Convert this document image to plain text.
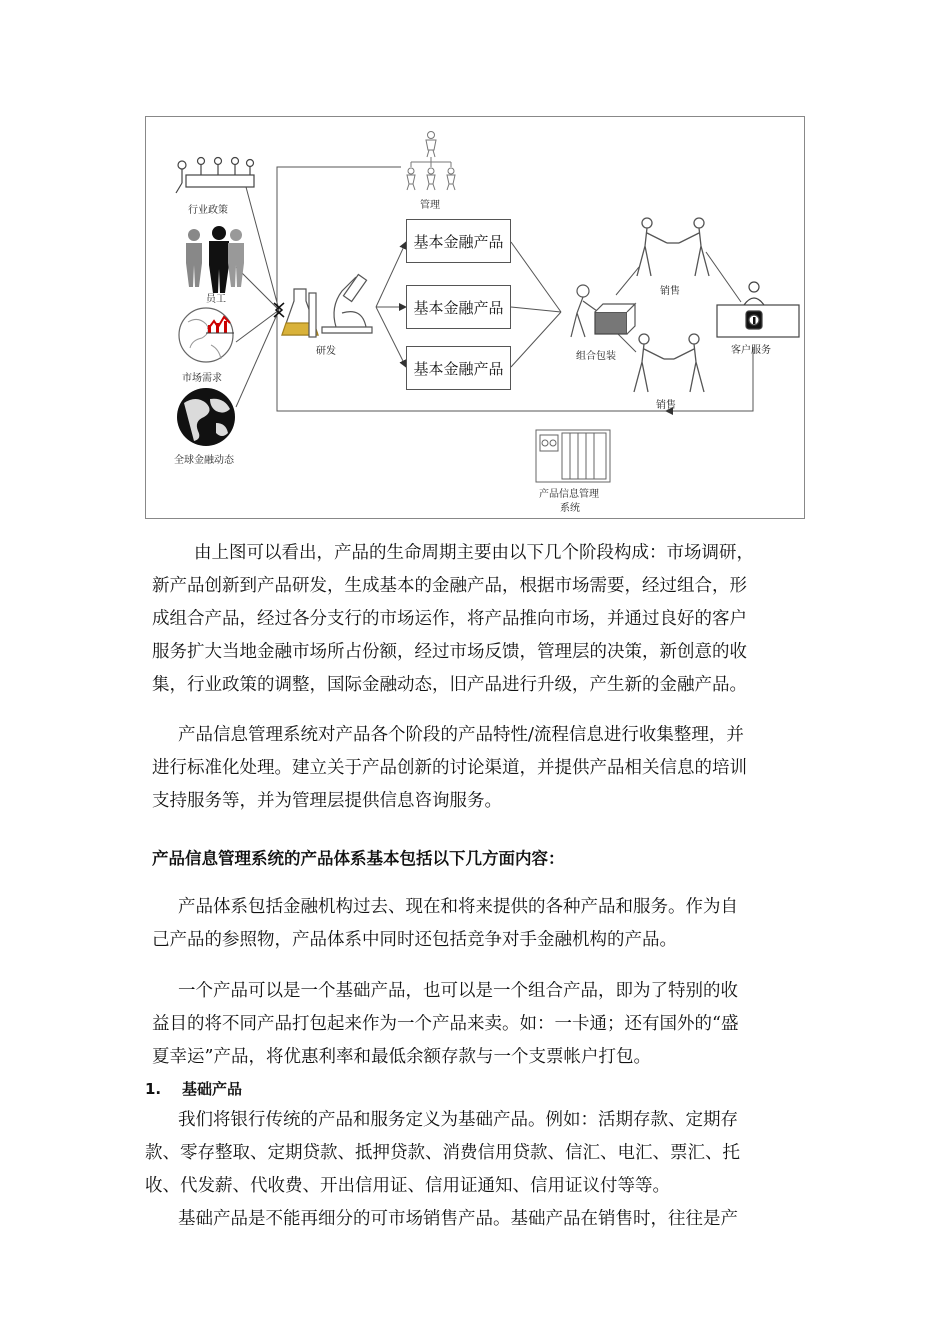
行业政策
员工
市场需求
全球金融动态
管理
研发
基本金融产品
基本金融产品
基本金融产品
组合包装
销售
销售
客户服务
产品信息管理
系统
由上图可以看出，产品的生命周期主要由以下几个阶段构成：市场调研，
新产品创新到产品研发，生成基本的金融产品，根据市场需要，经过组合，形
成组合产品，经过各分支行的市场运作，将产品推向市场，并通过良好的客户
服务扩大当地金融市场所占份额，经过市场反馈，管理层的决策，新创意的收
集，行业政策的调整，国际金融动态，旧产品进行升级，产生新的金融产品。
产品信息管理系统对产品各个阶段的产品特性/流程信息进行收集整理，并
进行标准化处理。建立关于产品创新的讨论渠道，并提供产品相关信息的培训
支持服务等，并为管理层提供信息咨询服务。

产品信息管理系统的产品体系基本包括以下几方面内容：

产品体系包括金融机构过去、现在和将来提供的各种产品和服务。作为自
己产品的参照物，产品体系中同时还包括竞争对手金融机构的产品。
一个产品可以是一个基础产品，也可以是一个组合产品，即为了特别的收
益目的将不同产品打包起来作为一个产品来卖。如：一卡通；还有国外的“盛
夏幸运”产品，将优惠利率和最低余额存款与一个支票帐户打包。

1. 基础产品

我们将银行传统的产品和服务定义为基础产品。例如：活期存款、定期存
款、零存整取、定期贷款、抵押贷款、消费信用贷款、信汇、电汇、票汇、托
收、代发薪、代收费、开出信用证、信用证通知、信用证议付等等。
基础产品是不能再细分的可市场销售产品。基础产品在销售时，往往是产
